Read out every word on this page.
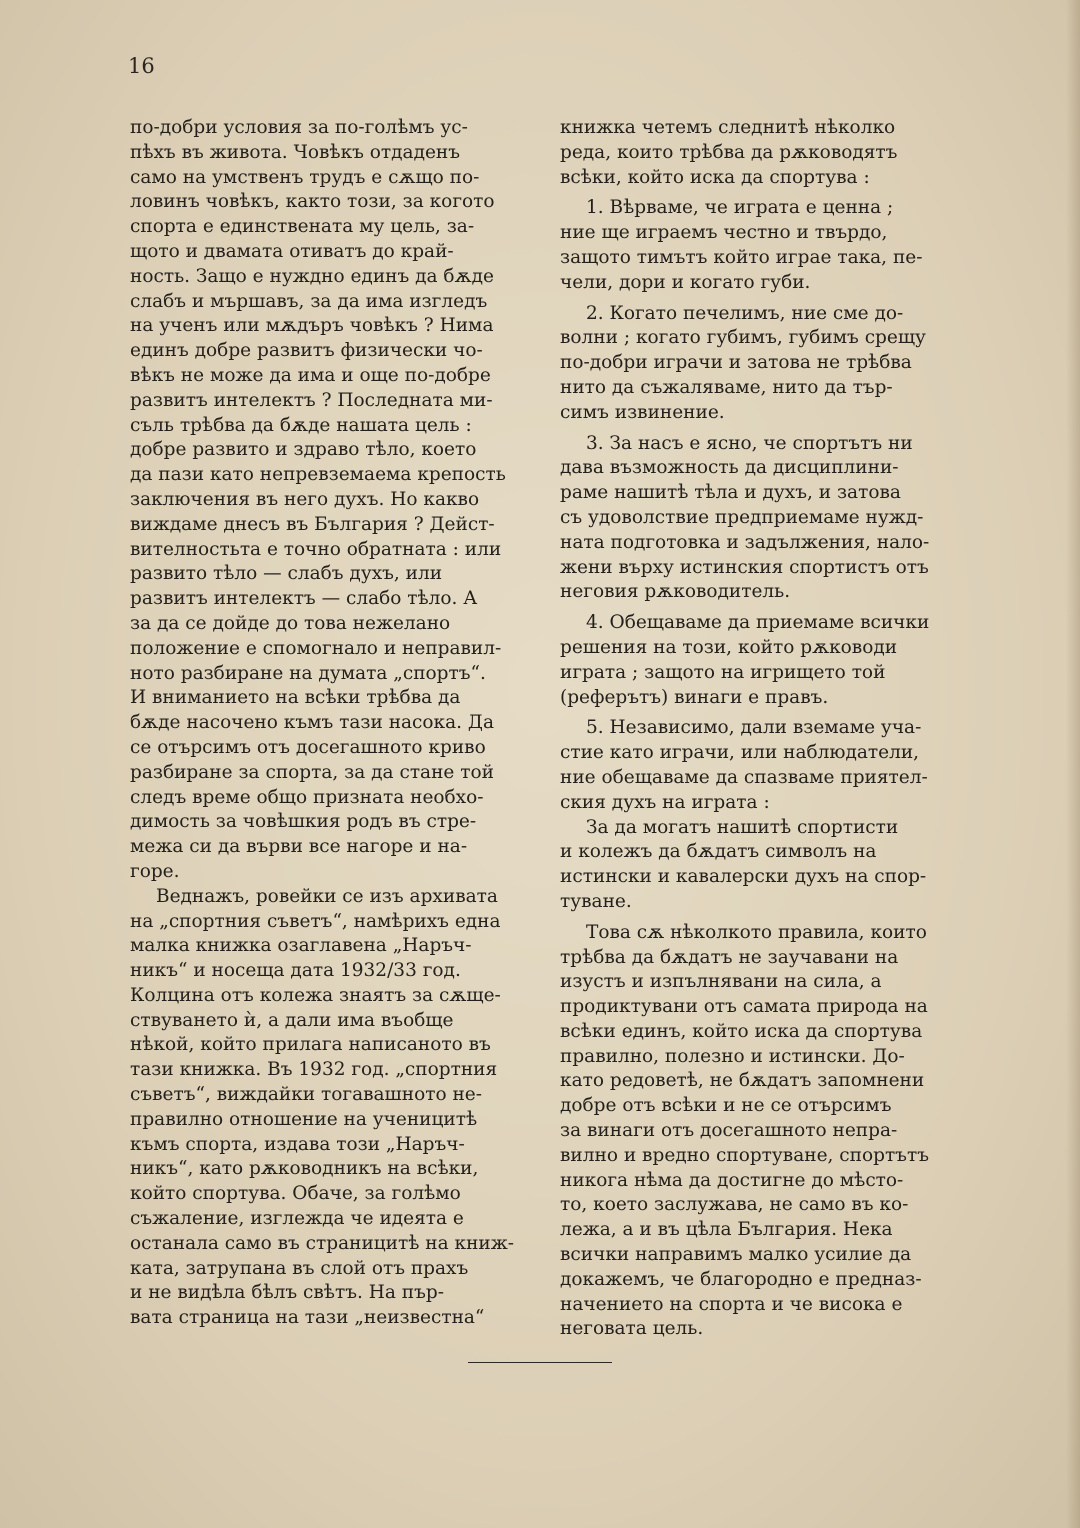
16

по-добри условия за по-голѣмъ ус-
пѣхъ въ живота. Човѣкъ отдаденъ
само на умственъ трудъ е сѫщо по-
ловинъ човѣкъ, както този, за когото
спорта е единствената му цель, за-
щото и двамата отиватъ до край-
ность. Защо е нуждно единъ да бѫде
слабъ и мършавъ, за да има изгледъ
на ученъ или мѫдъръ човѣкъ ? Нима
единъ добре развитъ физически чо-
вѣкъ не може да има и още по-добре
развитъ интелектъ ? Последната ми-
съль трѣбва да бѫде нашата цель :
добре развито и здраво тѣло, което
да пази като непревземаема крепость
заключения въ него духъ. Но какво
виждаме днесъ въ България ? Дейст-
вителностьта е точно обратната : или
развито тѣло — слабъ духъ, или
развитъ интелектъ — слабо тѣло. А
за да се дойде до това нежелано
положение е спомогнало и неправил-
ното разбиране на думата „спортъ“.
И вниманието на всѣки трѣбва да
бѫде насочено къмъ тази насока. Да
се отърсимъ отъ досегашното криво
разбиране за спорта, за да стане той
следъ време общо призната необхо-
димость за човѣшкия родъ въ стре-
межа си да върви все нагоре и на-
горе.

Веднажъ, ровейки се изъ архивата
на „спортния съветъ“, намѣрихъ една
малка книжка озаглавена „Наръч-
никъ“ и носеща дата 1932/33 год.
Колцина отъ колежа знаятъ за сѫще-
ствуването ѝ, а дали има въобще
нѣкой, който прилага написаното въ
тази книжка. Въ 1932 год. „спортния
съветъ“, виждайки тогавашното не-
правилно отношение на ученицитѣ
къмъ спорта, издава този „Наръч-
никъ“, като рѫководникъ на всѣки,
който спортува. Обаче, за голѣмо
съжаление, изглежда че идеята е
останала само въ страницитѣ на книж-
ката, затрупана въ слой отъ прахъ
и не видѣла бѣлъ свѣтъ. На пър-
вата страница на тази „неизвестна“

книжка четемъ следнитѣ нѣколко
реда, които трѣбва да рѫководятъ
всѣки, който иска да спортува :

1. Вѣрваме, че играта е ценна ;
ние ще играемъ честно и твърдо,
защото тимътъ който играе така, пе-
чели, дори и когато губи.

2. Когато печелимъ, ние сме до-
волни ; когато губимъ, губимъ срещу
по-добри играчи и затова не трѣбва
нито да съжаляваме, нито да тър-
симъ извинение.

3. За насъ е ясно, че спортътъ ни
дава възможность да дисциплини-
раме нашитѣ тѣла и духъ, и затова
съ удоволствие предприемаме нужд-
ната подготовка и задължения, нало-
жени върху истинския спортистъ отъ
неговия рѫководитель.

4. Обещаваме да приемаме всички
решения на този, който рѫководи
играта ; защото на игрището той
(реферътъ) винаги е правъ.

5. Независимо, дали вземаме уча-
стие като играчи, или наблюдатели,
ние обещаваме да спазваме приятел-
ския духъ на играта :

За да могатъ нашитѣ спортисти
и колежъ да бѫдатъ символъ на
истински и кавалерски духъ на спор-
туване.

Това сѫ нѣколкото правила, които
трѣбва да бѫдатъ не заучавани на
изустъ и изпълнявани на сила, а
продиктувани отъ самата природа на
всѣки единъ, който иска да спортува
правилно, полезно и истински. До-
като редоветѣ, не бѫдатъ запомнени
добре отъ всѣки и не се отърсимъ
за винаги отъ досегашното непра-
вилно и вредно спортуване, спортътъ
никога нѣма да достигне до мѣсто-
то, което заслужава, не само въ ко-
лежа, а и въ цѣла България. Нека
всички направимъ малко усилие да
докажемъ, че благородно е предназ-
начението на спорта и че висока е
неговата цель.
